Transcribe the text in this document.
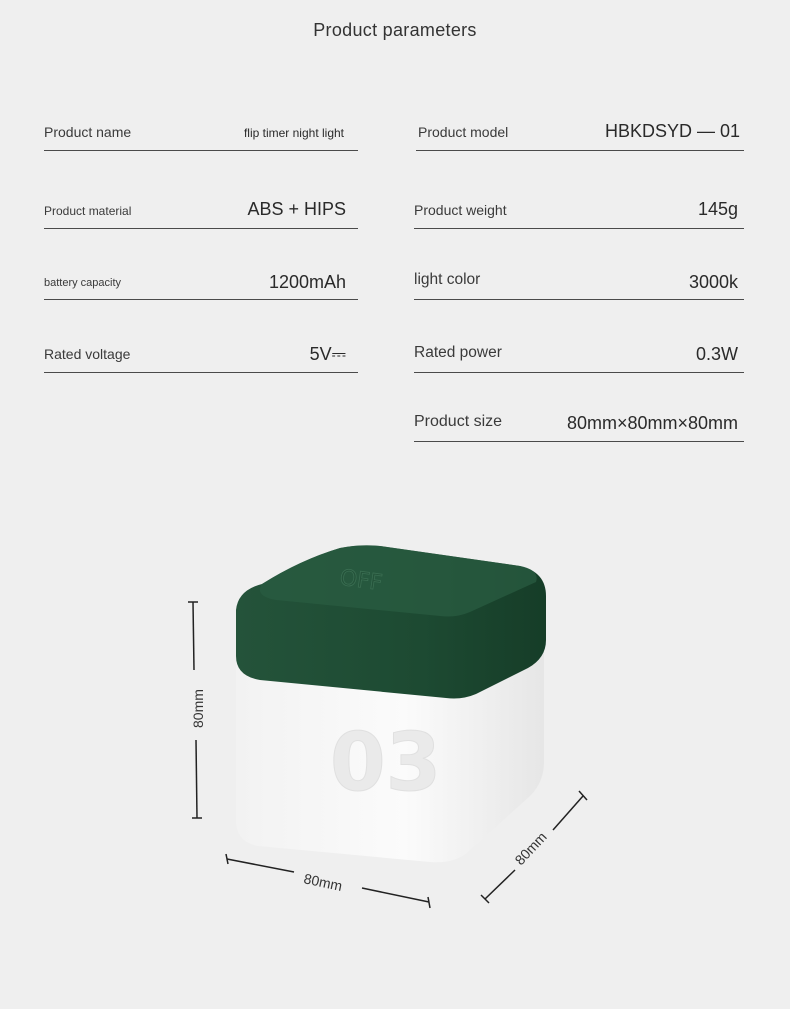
Product parameters
Product name	flip timer night light	Product model	HBKDSYD — 01
Product material	ABS + HIPS	Product weight	145g
battery capacity	1200mAh	light color	3000k
Rated voltage	5V⎓	Rated power	0.3W
Product size	80mm×80mm×80mm
03
OFF
80mm
80mm
80mm
